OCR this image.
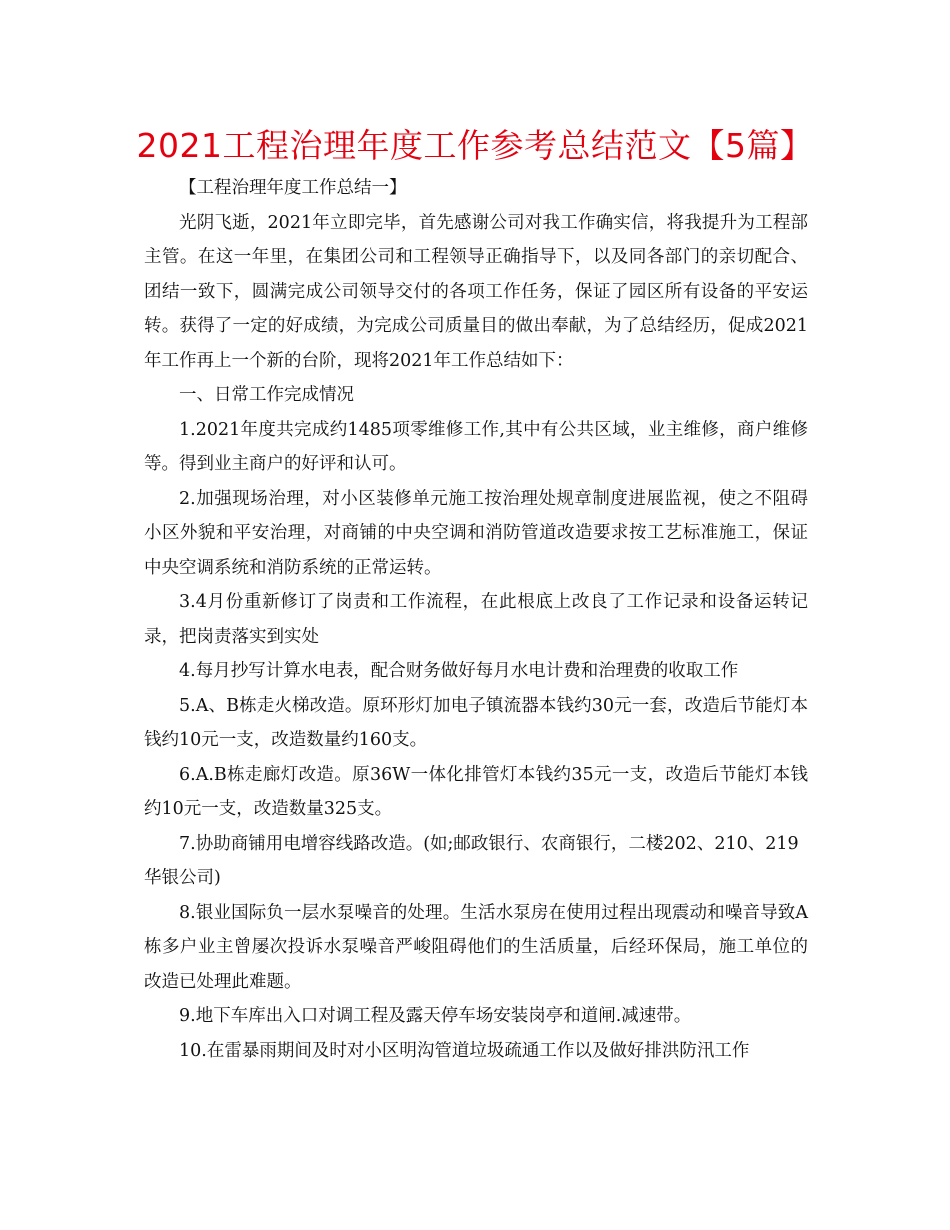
2021工程治理年度工作参考总结范文【5篇】

【工程治理年度工作总结一】

光阴飞逝，2021年立即完毕，首先感谢公司对我工作确实信，将我提升为工程部主管。在这一年里，在集团公司和工程领导正确指导下，以及同各部门的亲切配合、团结一致下，圆满完成公司领导交付的各项工作任务，保证了园区所有设备的平安运转。获得了一定的好成绩，为完成公司质量目的做出奉献，为了总结经历，促成2021年工作再上一个新的台阶，现将2021年工作总结如下：

一、日常工作完成情况

1.2021年度共完成约1485项零维修工作,其中有公共区域，业主维修，商户维修等。得到业主商户的好评和认可。

2.加强现场治理，对小区装修单元施工按治理处规章制度进展监视，使之不阻碍小区外貌和平安治理，对商铺的中央空调和消防管道改造要求按工艺标准施工，保证中央空调系统和消防系统的正常运转。

3.4月份重新修订了岗责和工作流程，在此根底上改良了工作记录和设备运转记录，把岗责落实到实处

4.每月抄写计算水电表，配合财务做好每月水电计费和治理费的收取工作

5.A、B栋走火梯改造。原环形灯加电子镇流器本钱约30元一套，改造后节能灯本钱约10元一支，改造数量约160支。

6.A.B栋走廊灯改造。原36W一体化排管灯本钱约35元一支，改造后节能灯本钱约10元一支，改造数量325支。

7.协助商铺用电增容线路改造。(如;邮政银行、农商银行，二楼202、210、219华银公司)

8.银业国际负一层水泵噪音的处理。生活水泵房在使用过程出现震动和噪音导致A栋多户业主曾屡次投诉水泵噪音严峻阻碍他们的生活质量，后经环保局，施工单位的改造已处理此难题。

9.地下车库出入口对调工程及露天停车场安装岗亭和道闸.减速带。

10.在雷暴雨期间及时对小区明沟管道垃圾疏通工作以及做好排洪防汛工作
